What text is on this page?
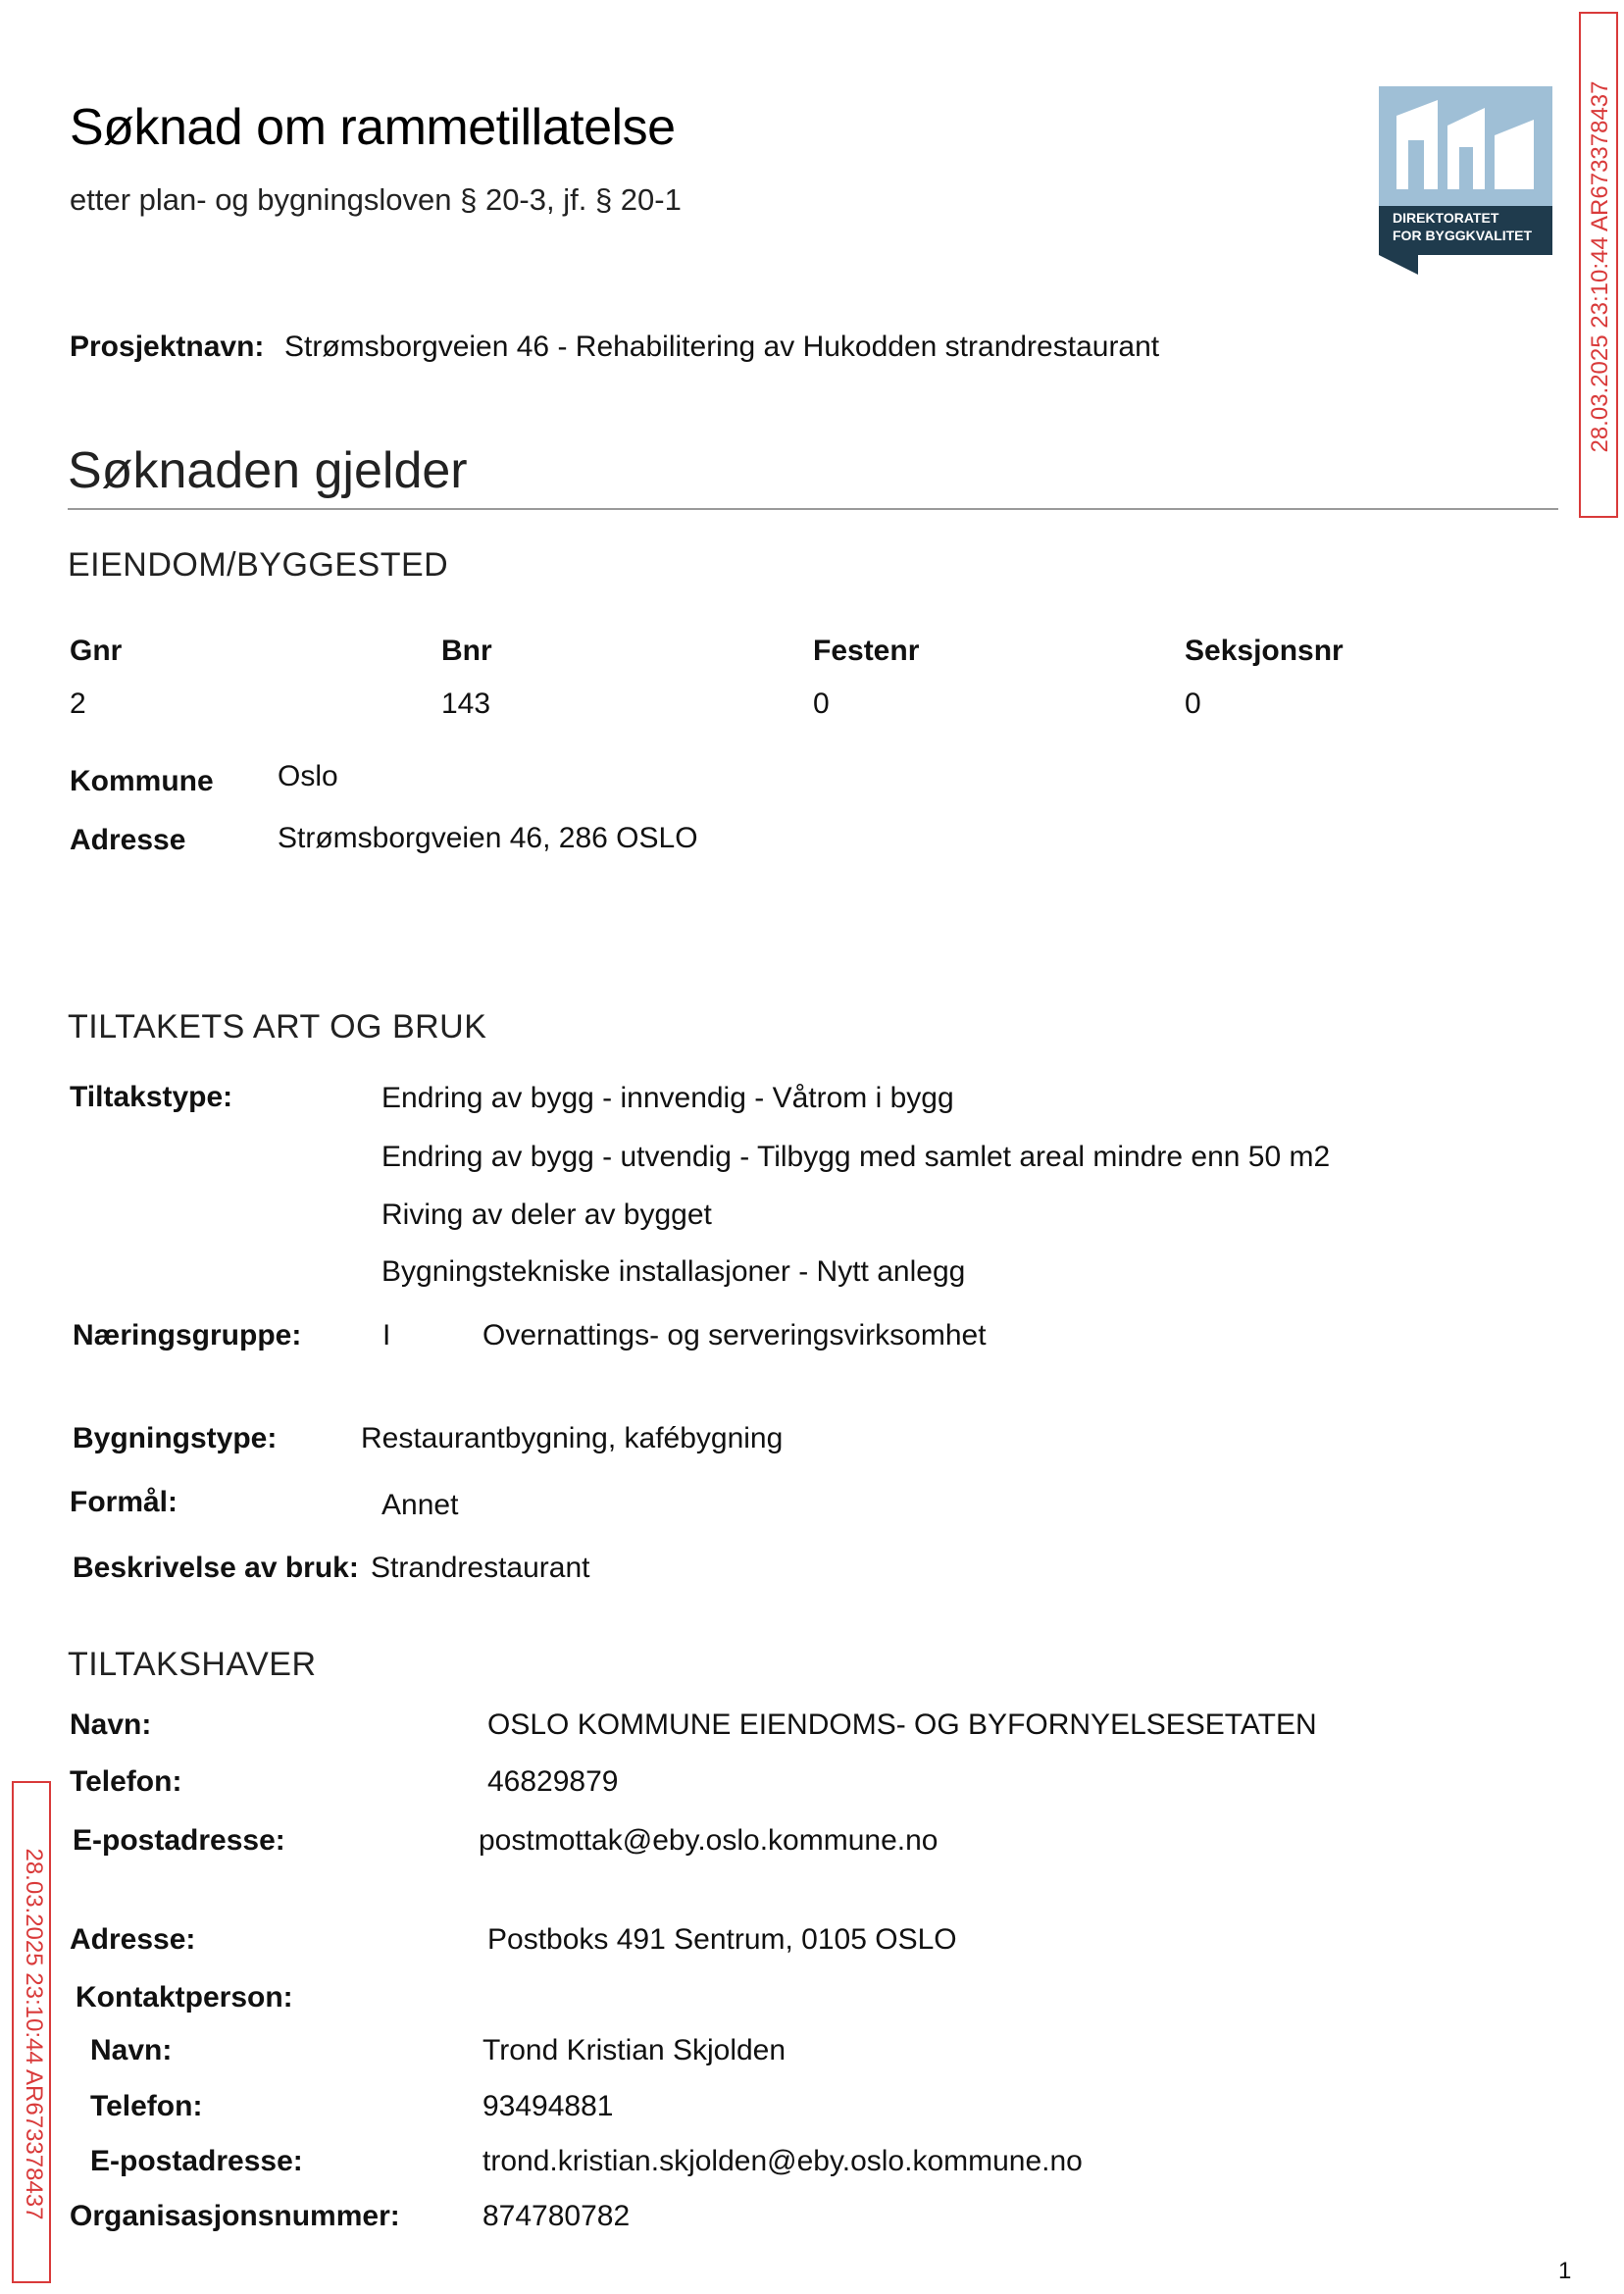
Søknad om rammetillatelse
etter plan- og bygningsloven § 20-3, jf. § 20-1
DIREKTORATET
FOR BYGGKVALITET 28.03.2025 23:10:44 AR673378437
28.03.2025 23:10:44 AR673378437
Prosjektnavn: Strømsborgveien 46 - Rehabilitering av Hukodden strandrestaurant
Søknaden gjelder
EIENDOM/BYGGESTED
Gnr	Bnr	Festenr	Seksjonsnr
2	143	0	0
Kommune Oslo
Adresse	Strømsborgveien 46, 286 OSLO
TILTAKETS ART OG BRUK
Tiltakstype:	Endring av bygg - innvendig - Våtrom i bygg
Endring av bygg - utvendig - Tilbygg med samlet areal mindre enn 50 m2
Riving av deler av bygget
Bygningstekniske installasjoner - Nytt anlegg
Næringsgruppe:	I	Overnattings- og serveringsvirksomhet
Bygningstype:	Restaurantbygning, kafébygning
Formål:	Annet
Beskrivelse av bruk: Strandrestaurant
TILTAKSHAVER
Navn:	OSLO KOMMUNE EIENDOMS- OG BYFORNYELSESETATEN
Telefon:	46829879
E-postadresse:	postmottak@eby.oslo.kommune.no
Adresse:	Postboks 491 Sentrum, 0105 OSLO
Kontaktperson:
Navn:	Trond Kristian Skjolden
Telefon:	93494881
E-postadresse:	trond.kristian.skjolden@eby.oslo.kommune.no
Organisasjonsnummer:	874780782
1
